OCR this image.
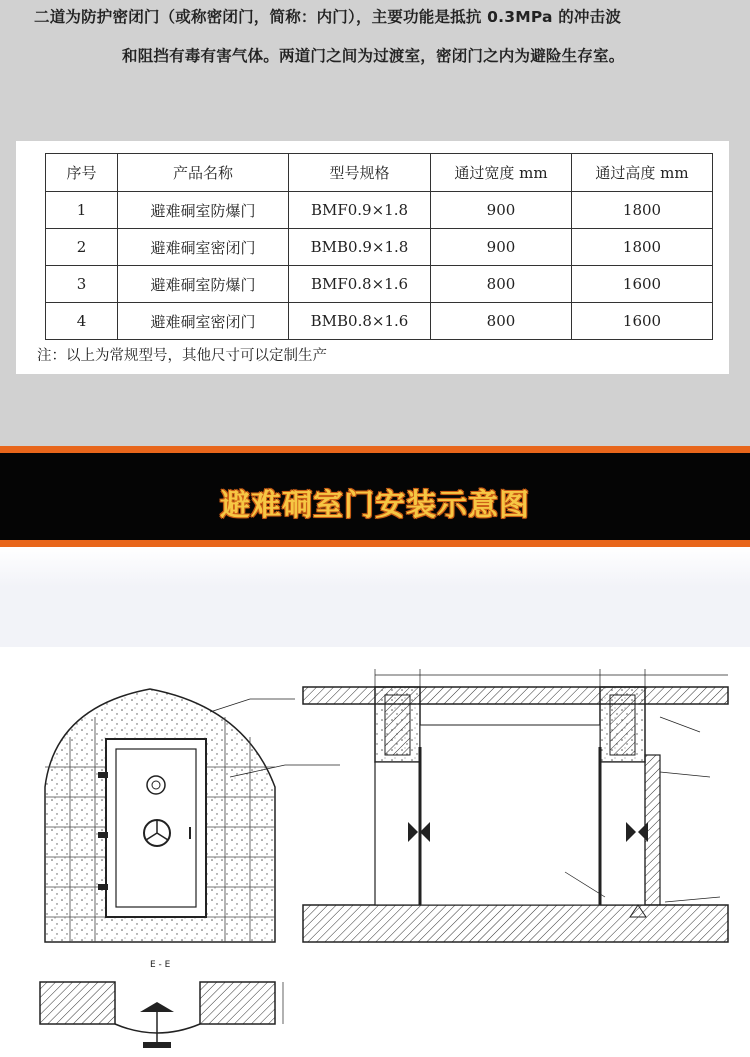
二道为防护密闭门（或称密闭门，简称：内门），主要功能是抵抗 0.3MPa 的冲击波
和阻挡有毒有害气体。两道门之间为过渡室，密闭门之内为避险生存室。
序号	产品名称	型号规格	通过宽度 mm	通过高度 mm
1	避难硐室防爆门	BMF0.9×1.8	900	1800
2	避难硐室密闭门	BMB0.9×1.8	900	1800
3	避难硐室防爆门	BMF0.8×1.6	800	1600
4	避难硐室密闭门	BMB0.8×1.6	800	1600
注：以上为常规型号，其他尺寸可以定制生产
避难硐室门安装示意图
E - E
